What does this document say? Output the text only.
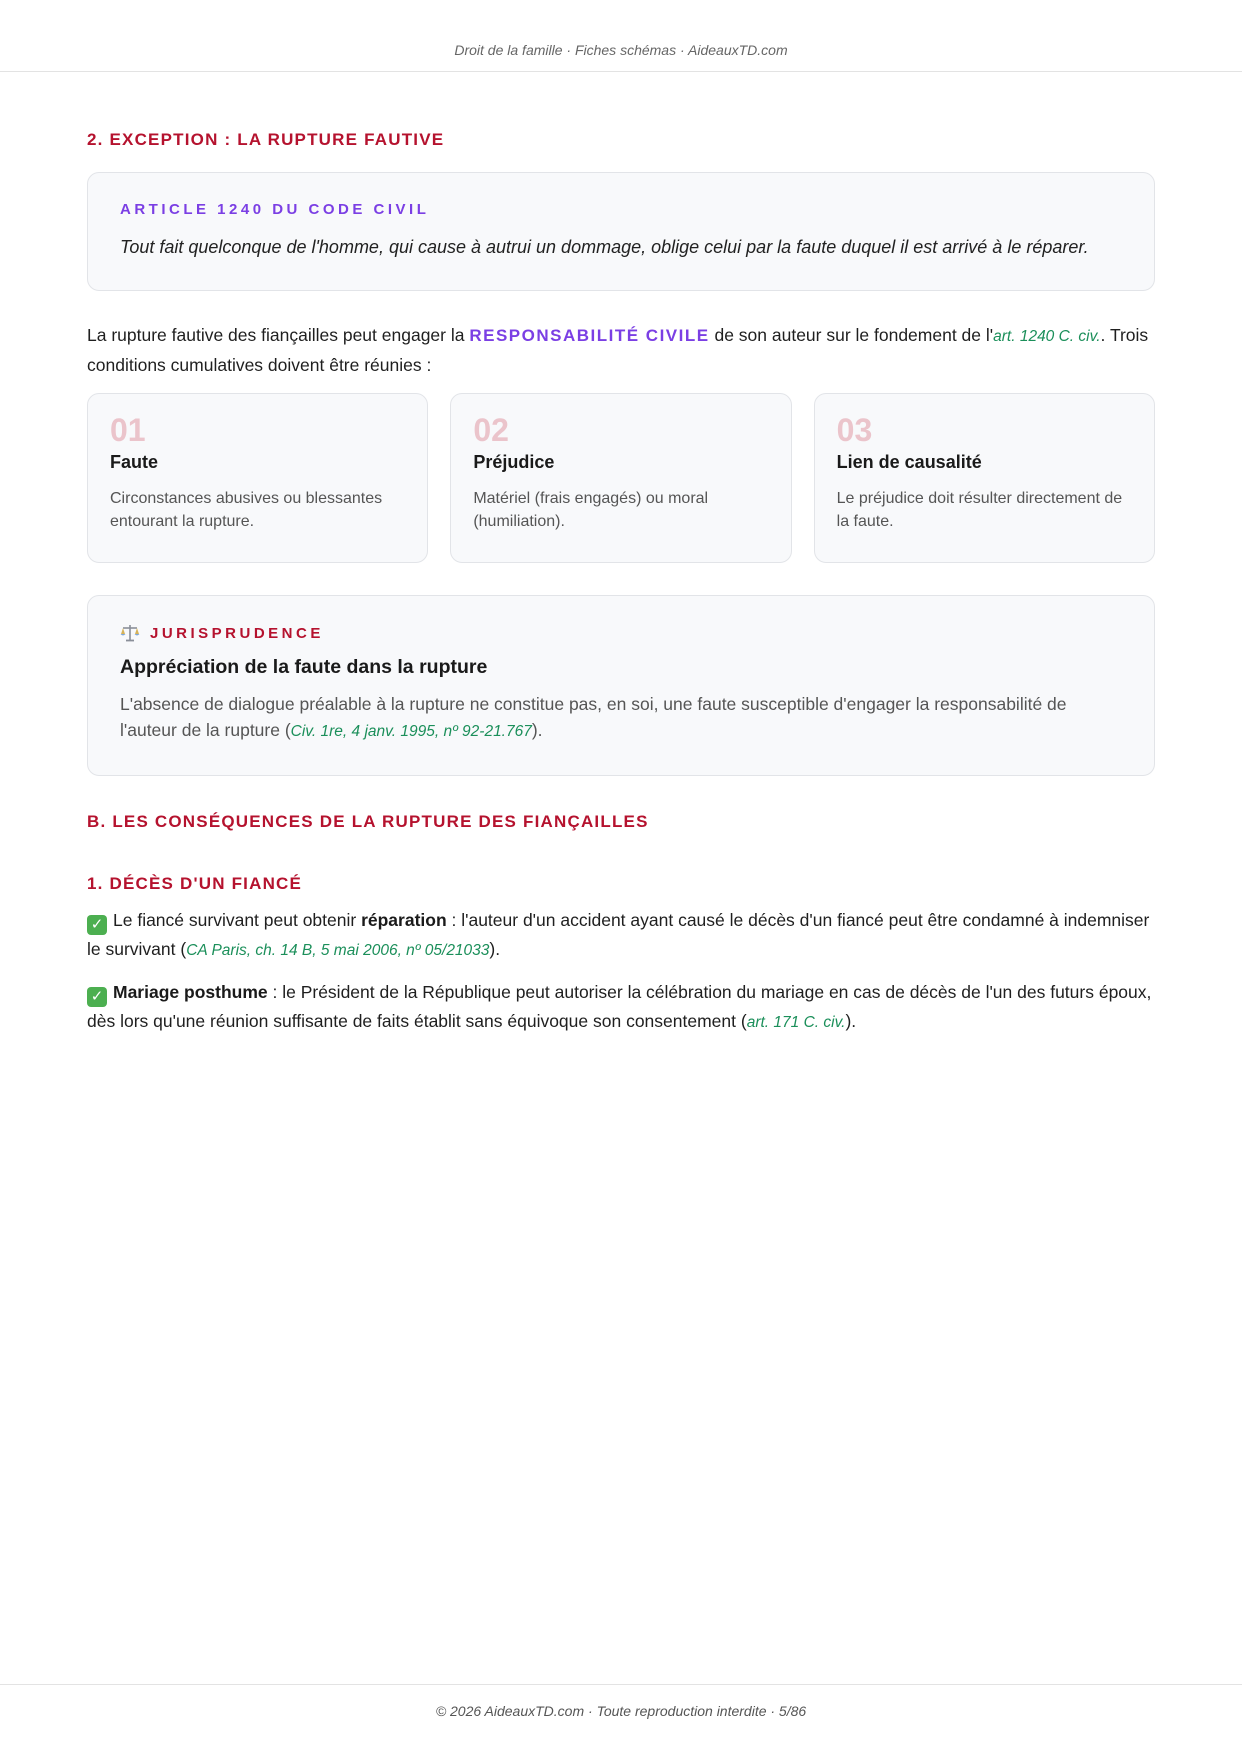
Droit de la famille · Fiches schémas · AideauxTD.com
2. EXCEPTION : LA RUPTURE FAUTIVE
ARTICLE 1240 DU CODE CIVIL
Tout fait quelconque de l'homme, qui cause à autrui un dommage, oblige celui par la faute duquel il est arrivé à le réparer.

La rupture fautive des fiançailles peut engager la RESPONSABILITÉ CIVILE de son auteur sur le fondement de l'art. 1240 C. civ.. Trois conditions cumulatives doivent être réunies :

01
Faute
Circonstances abusives ou blessantes entourant la rupture.
02
Préjudice
Matériel (frais engagés) ou moral (humiliation).
03
Lien de causalité
Le préjudice doit résulter directement de la faute.
JURISPRUDENCE
Appréciation de la faute dans la rupture

L'absence de dialogue préalable à la rupture ne constitue pas, en soi, une faute susceptible d'engager la responsabilité de l'auteur de la rupture (Civ. 1re, 4 janv. 1995, nº 92-21.767).

B. LES CONSÉQUENCES DE LA RUPTURE DES FIANÇAILLES
1. DÉCÈS D'UN FIANCÉ

✓ Le fiancé survivant peut obtenir réparation : l'auteur d'un accident ayant causé le décès d'un fiancé peut être condamné à indemniser le survivant (CA Paris, ch. 14 B, 5 mai 2006, nº 05/21033).

✓ Mariage posthume : le Président de la République peut autoriser la célébration du mariage en cas de décès de l'un des futurs époux, dès lors qu'une réunion suffisante de faits établit sans équivoque son consentement (art. 171 C. civ.).

© 2026 AideauxTD.com · Toute reproduction interdite · 5/86
